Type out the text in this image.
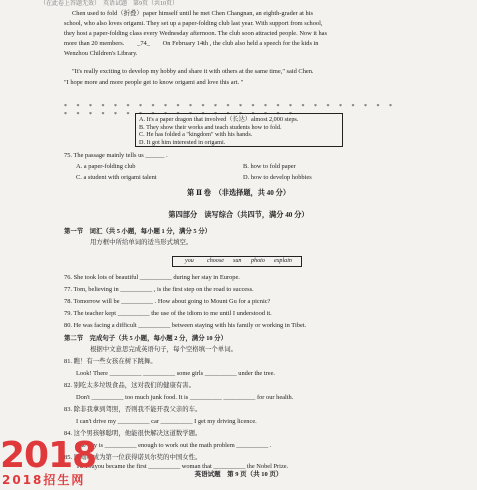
（在此卷上答题无效）　英语试题　第9页（共10页）
Chen used to fold（折叠）paper himself until he met Chen Changnan, an eighth-grader at his
school, who also loves origami. They set up a paper-folding club last year. With support from school,
they host a paper-folding class every Wednesday afternoon. The club soon attracted people. Now it has
more than 20 members.　　_74_　　On February 14th , the club also held a speech for the kids in
Wenzhou Children's Library.
"It's really exciting to develop my hobby and share it with others at the same time," said Chen.
"I hope more and more people get to know origami and love this art. "
* * * * * * * * * * * * * * * * * * * * * * * * * * * * * * * * * * * * * * * * * * * * * *
A. It's a paper dragon that involved（长达）almost 2,000 steps.
B. They show their works and teach students how to fold.
C. He has folded a "kingdom" with his hands.
D. It got him interested in origami.
75. The passage mainly tells us ______ .
A. a paper-folding club	B. how to fold paper
C. a student with origami talent	D. how to develop hobbies
第 Ⅱ 卷　（非选择题，共 40 分）
第四部分　读写综合（共四节，满分 40 分）
第一节　词汇（共 5 小题，每小题 1 分，满分 5 分）
用方框中所给单词的适当形式填空。
you choose sun photo explain
76. She took lots of beautiful __________ during her stay in Europe.
77. Tom, believing in __________ , is the first step on the road to success.
78. Tomorrow will be __________ . How about going to Mount Gu for a picnic?
79. The teacher kept __________ the use of the idiom to me until I understood it.
80. He was facing a difficult __________ between staying with his family or working in Tibet.
第二节　完成句子（共 5 小题，每小题 2 分，满分 10 分）
根据中文意思完成英语句子，每个空格填一个单词。
81. 瞧！有一些女孩在树下跳舞。
Look! There __________ __________ some girls __________ under the tree.
82. 别吃太多垃圾食品，这对我们的健康有害。
Don't __________ too much junk food. It is __________ __________ for our health.
83. 除非我拿到驾照，否则我不能开我父亲的车。
I can't drive my __________ car __________ I get my driving licence.
84. 这个男孩够聪明，他能很快解决这道数学题。
The boy is __________ enough to work out the math problem __________ .
85. 屠呦呦成为第一位获得诺贝尔奖的中国女性。
Tu Youyou became the first __________ woman that __________ the Nobel Prize.
英语试题　第 9 页（共 10 页）
2018
2018招生网
